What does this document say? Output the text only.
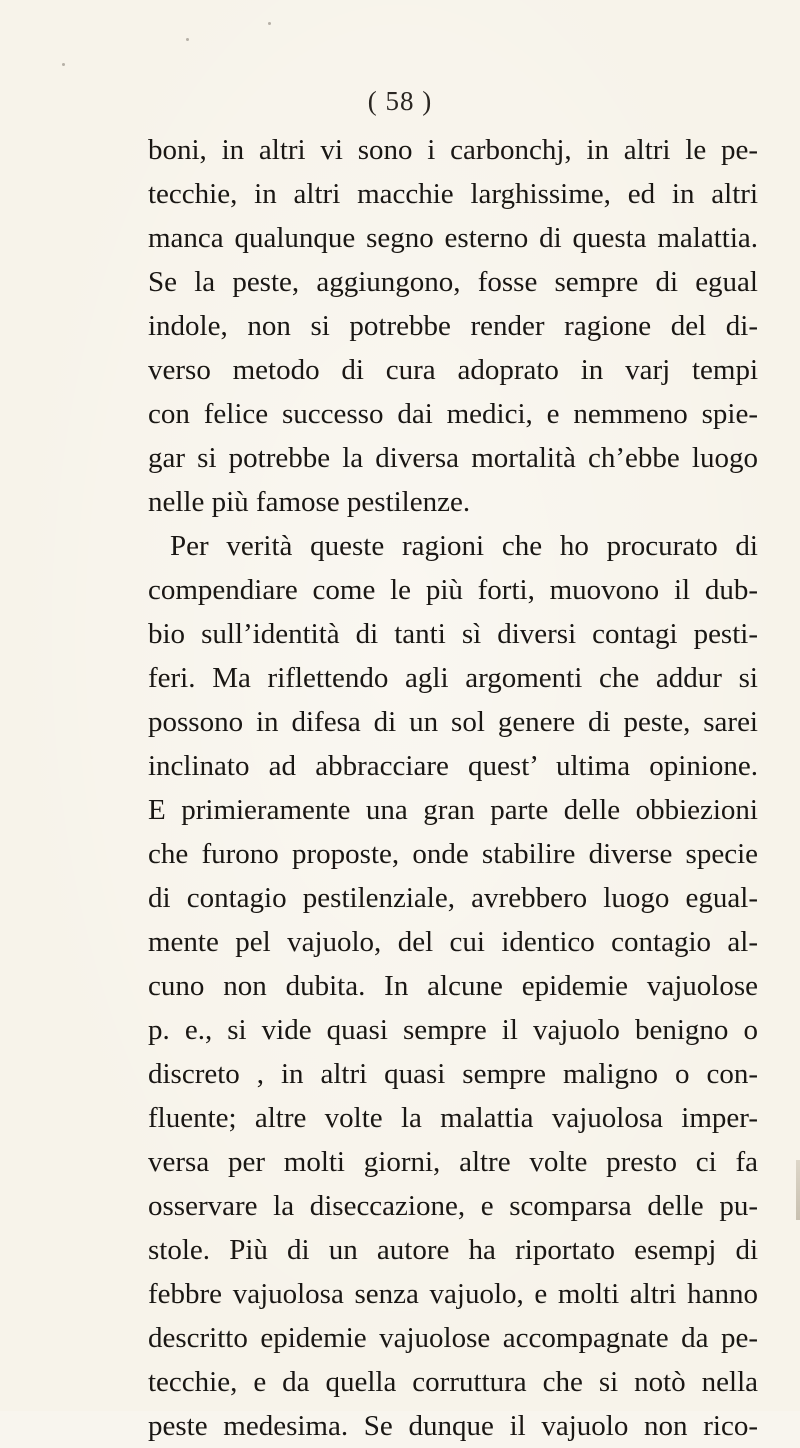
( 58 )
boni, in altri vi sono i carbonchj, in altri le pe-
tecchie, in altri macchie larghissime, ed in altri
manca qualunque segno esterno di questa malattia.
Se la peste, aggiungono, fosse sempre di egual
indole, non si potrebbe render ragione del di-
verso metodo di cura adoprato in varj tempi
con felice successo dai medici, e nemmeno spie-
gar si potrebbe la diversa mortalità ch’ebbe luogo
nelle più famose pestilenze.
Per verità queste ragioni che ho procurato di
compendiare come le più forti, muovono il dub-
bio sull’identità di tanti sì diversi contagi pesti-
feri. Ma riflettendo agli argomenti che addur si
possono in difesa di un sol genere di peste, sarei
inclinato ad abbracciare quest’ ultima opinione.
E primieramente una gran parte delle obbiezioni
che furono proposte, onde stabilire diverse specie
di contagio pestilenziale, avrebbero luogo egual-
mente pel vajuolo, del cui identico contagio al-
cuno non dubita. In alcune epidemie vajuolose
p. e., si vide quasi sempre il vajuolo benigno o
discreto , in altri quasi sempre maligno o con-
fluente; altre volte la malattia vajuolosa imper-
versa per molti giorni, altre volte presto ci fa
osservare la diseccazione, e scomparsa delle pu-
stole. Più di un autore ha riportato esempj di
febbre vajuolosa senza vajuolo, e molti altri hanno
descritto epidemie vajuolose accompagnate da pe-
tecchie, e da quella corruttura che si notò nella
peste medesima. Se dunque il vajuolo non rico-
